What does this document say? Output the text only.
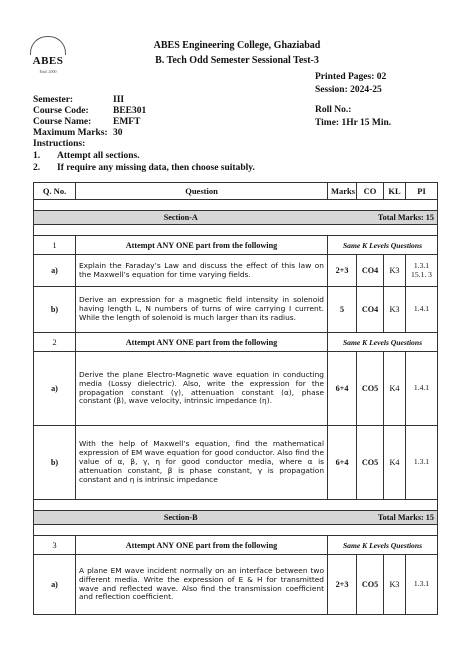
ABES
Estd. 2000
ABES Engineering College, Ghaziabad
B. Tech Odd Semester Sessional Test-3
Printed Pages: 02
Session: 2024-25
Roll No.:
Time: 1Hr 15 Min.
Semester:	III
Course Code:	BEE301
Course Name: EMFT
Maximum Marks: 30
Instructions:
1. Attempt all sections.
2. If require any missing data, then choose suitably.
Q. No.	Question	Marks	CO	KL	PI

Section-A		Total Marks: 15			

1	Attempt ANY ONE part from the following	Same K Levels Questions			
a)	Explain the Faraday’s Law and discuss the effect of this law on the Maxwell’s equation for time varying fields.	2+3	CO4	K3	1.3.1 15.1. 3
b)	Derive an expression for a magnetic field intensity in solenoid having length L, N numbers of turns of wire carrying I current. While the length of solenoid is much larger than its radius.	5	CO4	K3	1.4.1
2	Attempt ANY ONE part from the following	Same K Levels Questions			
a)	Derive the plane Electro-Magnetic wave equation in conducting media (Lossy dielectric). Also, write the expression for the propagation constant (γ), attenuation constant (α), phase constant (β), wave velocity, intrinsic impedance (η).	6+4	CO5	K4	1.4.1
b)	With the help of Maxwell’s equation, find the mathematical expression of EM wave equation for good conductor. Also find the value of α, β, γ, η for good conductor media, where α is attenuation constant, β is phase constant, γ is propagation constant and η is intrinsic impedance	6+4	CO5	K4	1.3.1

Section-B		Total Marks: 15			

3	Attempt ANY ONE part from the following	Same K Levels Questions			
a)	A plane EM wave incident normally on an interface between two different media. Write the expression of E & H for transmitted wave and reflected wave. Also find the transmission coefficient and reflection coefficient.	2+3	CO5	K3	1.3.1
